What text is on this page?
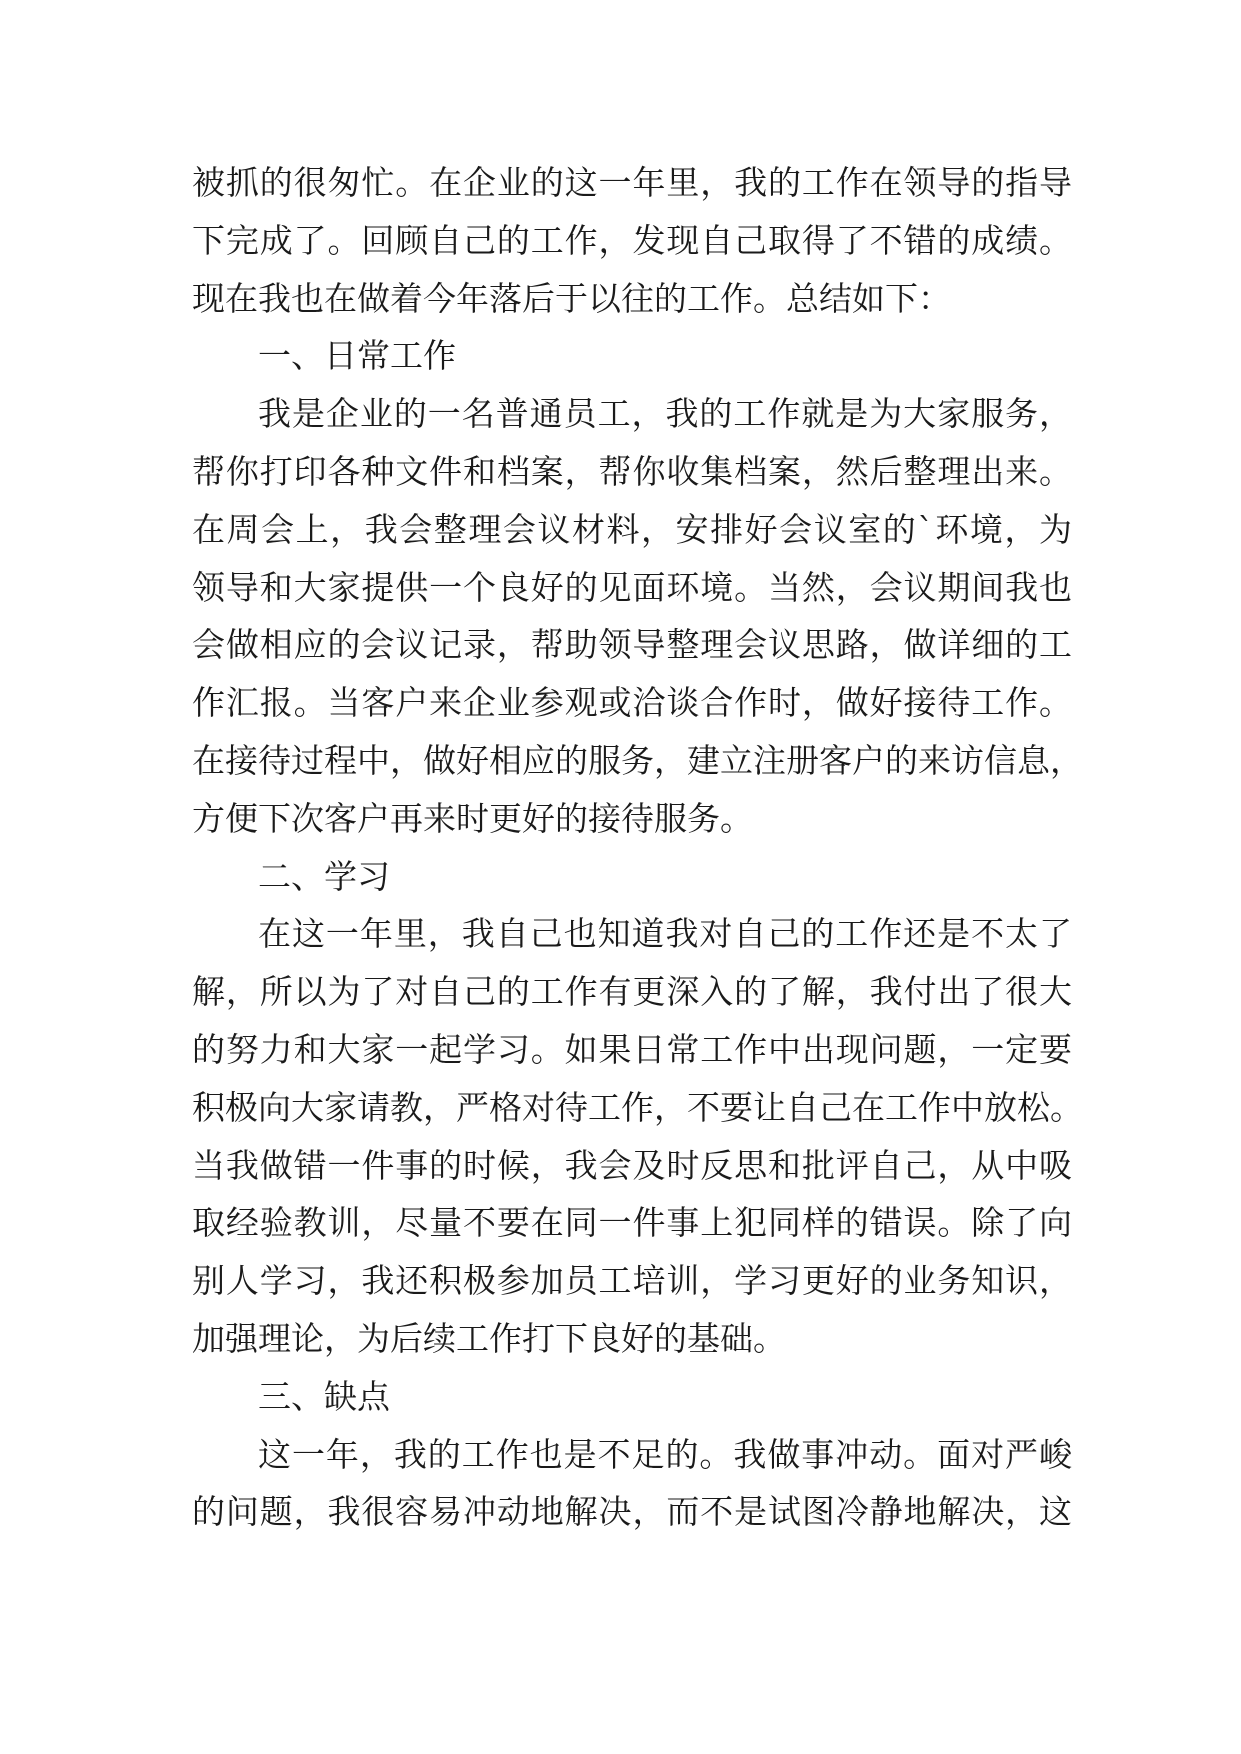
被抓的很匆忙。在企业的这一年里，我的工作在领导的指导
下完成了。回顾自己的工作，发现自己取得了不错的成绩。
现在我也在做着今年落后于以往的工作。总结如下：
一、日常工作
我是企业的一名普通员工，我的工作就是为大家服务，
帮你打印各种文件和档案，帮你收集档案，然后整理出来。
在周会上，我会整理会议材料，安排好会议室的`环境，为
领导和大家提供一个良好的见面环境。当然，会议期间我也
会做相应的会议记录，帮助领导整理会议思路，做详细的工
作汇报。当客户来企业参观或洽谈合作时，做好接待工作。
在接待过程中，做好相应的服务，建立注册客户的来访信息，
方便下次客户再来时更好的接待服务。
二、学习
在这一年里，我自己也知道我对自己的工作还是不太了
解，所以为了对自己的工作有更深入的了解，我付出了很大
的努力和大家一起学习。如果日常工作中出现问题，一定要
积极向大家请教，严格对待工作，不要让自己在工作中放松。
当我做错一件事的时候，我会及时反思和批评自己，从中吸
取经验教训，尽量不要在同一件事上犯同样的错误。除了向
别人学习，我还积极参加员工培训，学习更好的业务知识，
加强理论，为后续工作打下良好的基础。
三、缺点
这一年，我的工作也是不足的。我做事冲动。面对严峻
的问题，我很容易冲动地解决，而不是试图冷静地解决，这
